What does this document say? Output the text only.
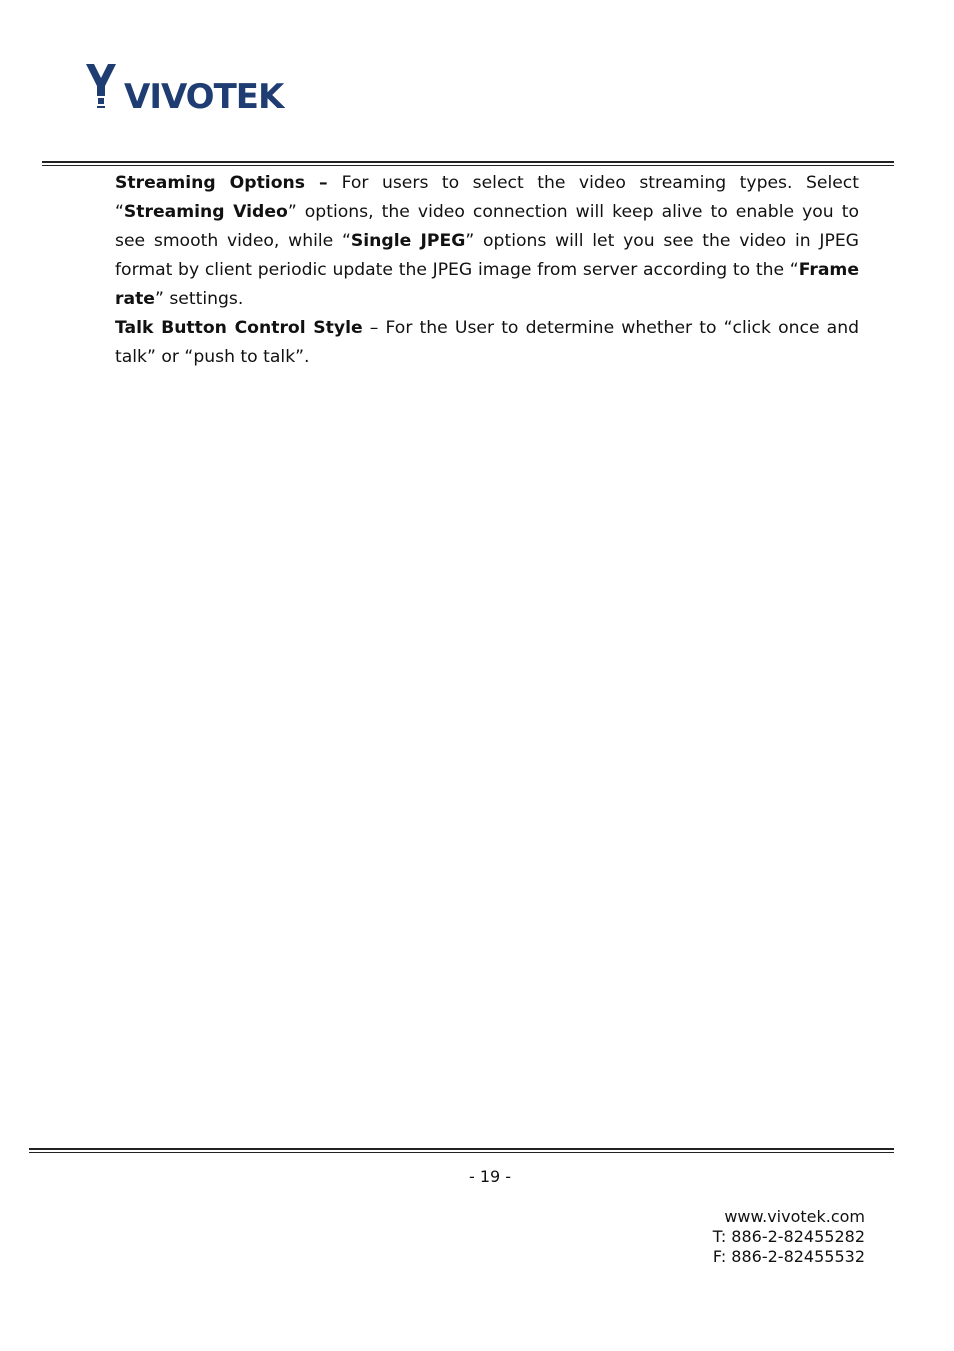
VIVOTEK

Streaming Options – For users to select the video streaming types. Select “Streaming Video” options, the video connection will keep alive to enable you to see smooth video, while “Single JPEG” options will let you see the video in JPEG format by client periodic update the JPEG image from server according to the “Frame rate” settings.

Talk Button Control Style – For the User to determine whether to “click once and talk” or “push to talk”.

- 19 -
www.vivotek.com
T: 886-2-82455282
F: 886-2-82455532
